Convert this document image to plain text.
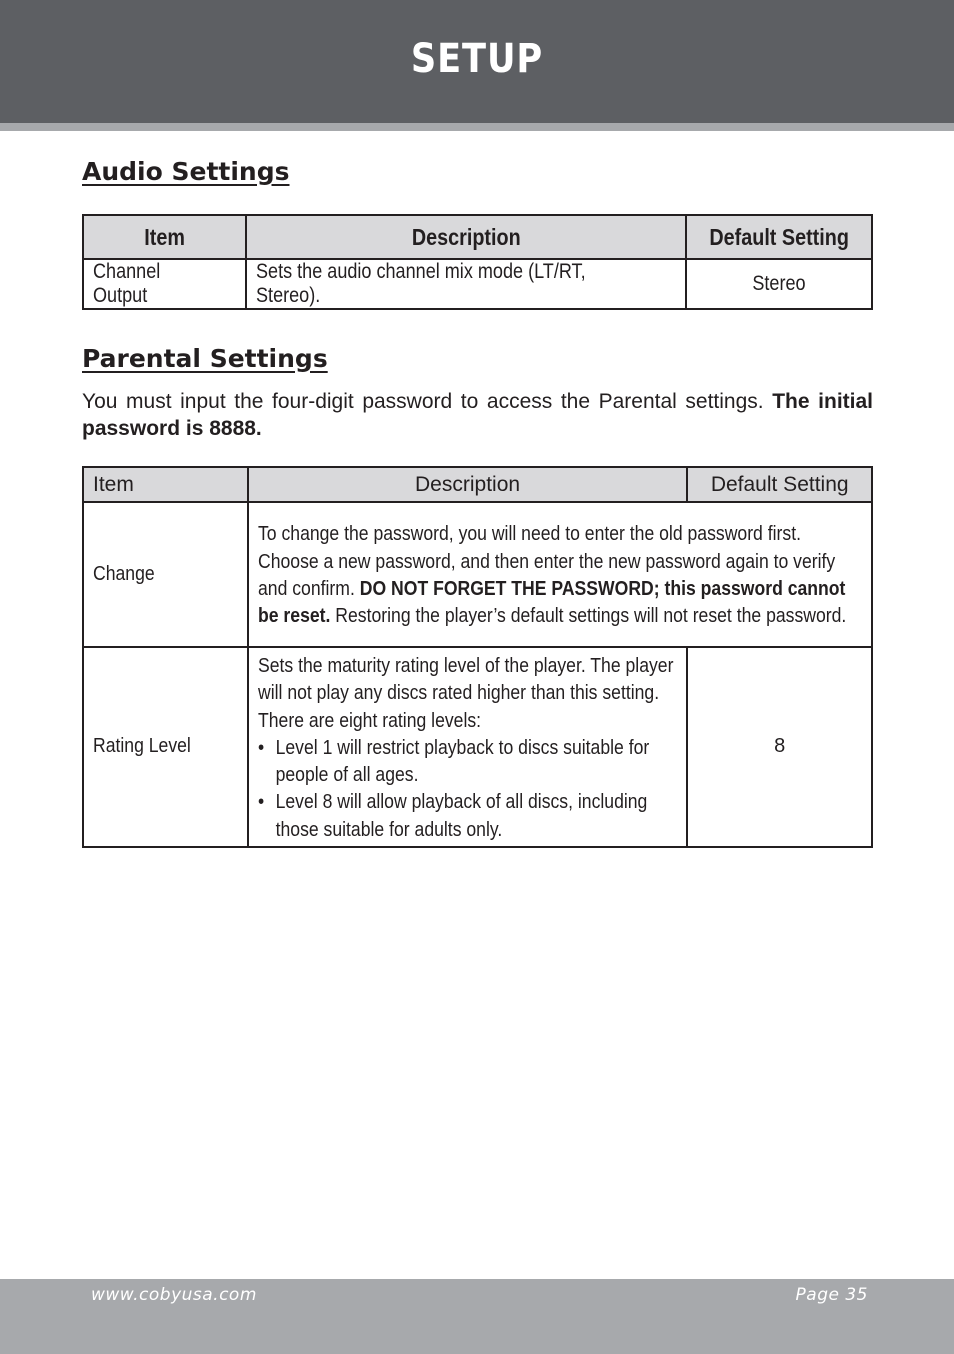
SETUP
Audio Settings
Item	Description	Default Setting
Channel Output	Sets the audio channel mix mode (LT/RT, Stereo).	Stereo
Parental Settings

You must input the four-digit password to access the Parental settings. The initial password is 8888.

Item	Description	Default Setting
Change	To change the password, you will need to enter the old password first. Choose a new password, and then enter the new password again to verify and confirm. DO NOT FORGET THE PASSWORD; this password cannot be reset. Restoring the player’s default settings will not reset the password.	
Rating Level	Sets the maturity rating level of the player. The player will not play any discs rated higher than this setting. There are eight rating levels:
• Level 1 will restrict playback to discs suitable for people of all ages.
• Level 8 will allow playback of all discs, including those suitable for adults only.	8
www.cobyusa.com	Page 35
